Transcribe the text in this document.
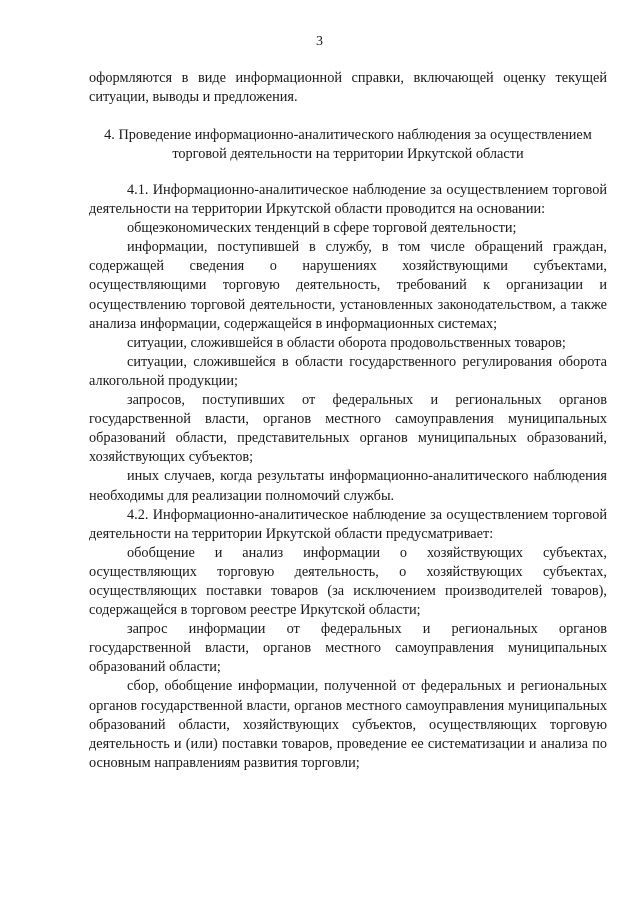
3

оформляются в виде информационной справки, включающей оценку текущей ситуации, выводы и предложения.

4. Проведение информационно-аналитического наблюдения за осуществлением
торговой деятельности на территории Иркутской области

4.1. Информационно-аналитическое наблюдение за осуществлением торговой деятельности на территории Иркутской области проводится на основании:

общеэкономических тенденций в сфере торговой деятельности;

информации, поступившей в службу, в том числе обращений граждан, содержащей сведения о нарушениях хозяйствующими субъектами, осуществляющими торговую деятельность, требований к организации и осуществлению торговой деятельности, установленных законодательством, а также анализа информации, содержащейся в информационных системах;

ситуации, сложившейся в области оборота продовольственных товаров;

ситуации, сложившейся в области государственного регулирования оборота алкогольной продукции;

запросов, поступивших от федеральных и региональных органов государственной власти, органов местного самоуправления муниципальных образований области, представительных органов муниципальных образований, хозяйствующих субъектов;

иных случаев, когда результаты информационно-аналитического наблюдения необходимы для реализации полномочий службы.

4.2. Информационно-аналитическое наблюдение за осуществлением торговой деятельности на территории Иркутской области предусматривает:

обобщение и анализ информации о хозяйствующих субъектах, осуществляющих торговую деятельность, о хозяйствующих субъектах, осуществляющих поставки товаров (за исключением производителей товаров), содержащейся в торговом реестре Иркутской области;

запрос информации от федеральных и региональных органов государственной власти, органов местного самоуправления муниципальных образований области;

сбор, обобщение информации, полученной от федеральных и региональных органов государственной власти, органов местного самоуправления муниципальных образований области, хозяйствующих субъектов, осуществляющих торговую деятельность и (или) поставки товаров, проведение ее систематизации и анализа по основным направлениям развития торговли;
